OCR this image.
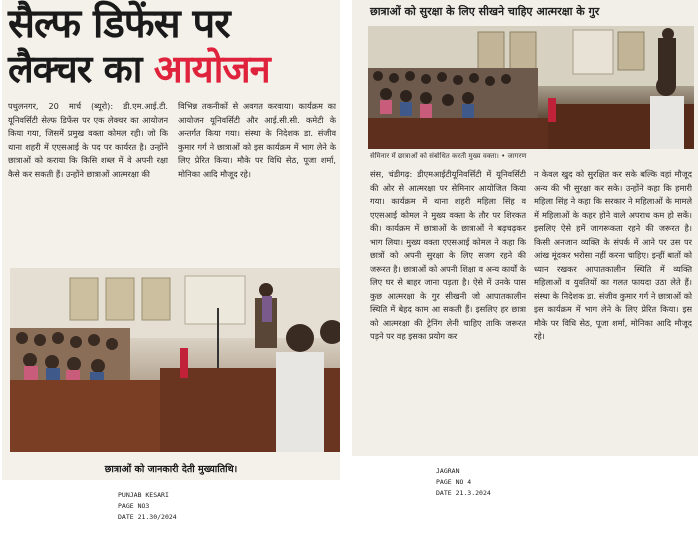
सैल्फ डिफेंस पर
लैक्चर का आयोजन
पथुलनगर, 20 मार्च (ब्यूरो): डी.एम.आई.टी. यूनिवर्सिटी सेल्फ डिफेंस पर एक लेक्चर का आयोजन किया गया, जिसमें प्रमुख वक्ता कोमल रही। जो कि थाना शहरी में एएसआई के पद पर कार्यरत है। उन्होंने छात्राओं को कराया कि किसि शब्ल में वे अपनी रक्षा कैसे कर सकती हैं। उन्होंने छात्राओं आत्मरक्षा की
विभिन्न तकनीकों से अवगत करवाया। कार्यक्रम का आयोजन यूनिवर्सिटी और आई.सी.सी. कमेटी के अन्तर्गत किया गया। संस्था के निदेशक डा. संजीव कुमार गर्ग ने छात्राओं को इस कार्यक्रम में भाग लेने के लिए प्रेरित किया। मौके पर विधि सेठ, पूजा शर्मा, मोनिका आदि मौजूद रहे।
छात्राओं को जानकारी देती मुख्यातिथि।
PUNJAB KESARI
PAGE NO3
DATE 21.30/2024
छात्राओं को सुरक्षा के लिए सीखने चाहिए आत्मरक्षा के गुर
सेमिनार में छात्राओं को संबोधित करती मुख्य वक्ता। • जागरण
संस, चंडीगढ़: डीएमआईटीयूनिवर्सिटी में यूनिवर्सिटी की ओर से आत्मरक्षा पर सेमिनार आयोजित किया गया। कार्यक्रम में थाना शहरी महिला सिंह व एएसआई कोमल ने मुख्य वक्ता के तौर पर शिरकत की। कार्यक्रम में छात्राओं के छात्राओं ने बढ़चढ़कर भाग लिया। मुख्य वक्ता एएसआई कोमल ने कहा कि छात्रों को अपनी सुरक्षा के लिए सजग रहने की जरूरत है। छात्राओं को अपनी शिक्षा व अन्य कार्यों के लिए घर से बाहर जाना पड़ता है। ऐसे में उनके पास कुछ आत्मरक्षा के गुर सीखनी जो आपातकालीन स्थिति में बेहद काम आ सकती हैं। इसलिए हर छात्रा को आत्मरक्षा की ट्रेनिंग लेनी चाहिए ताकि जरूरत पड़ने पर वह इसका प्रयोग कर
न केवल खुद को सुरक्षित कर सके बल्कि वहां मौजूद अन्य की भी सुरक्षा कर सके। उन्होंने कहा कि हमारी महिला सिंह ने कहा कि सरकार ने महिलाओं के मामले में महिलाओं के कहर होने वाले अपराध कम हो सकें। इसलिए ऐसे हमें जागरूकता रहने की जरूरत है। किसी अनजान व्यक्ति के संपर्क में आने पर उस पर आंख मूंदकर भरोसा नहीं करना चाहिए। इन्हीं बातों को ध्यान रखकर आपातकालीन स्थिति में व्यक्ति महिलाओं व युवतियों का गलत फायदा उठा लेते हैं। संस्था के निदेशक डा. संजीव कुमार गर्ग ने छात्राओं को इस कार्यक्रम में भाग लेने के लिए प्रेरित किया। इस मौके पर विधि सेठ, पूजा शर्मा, मोनिका आदि मौजूद रहे।
JAGRAN
PAGE NO 4
DATE 21.3.2024
